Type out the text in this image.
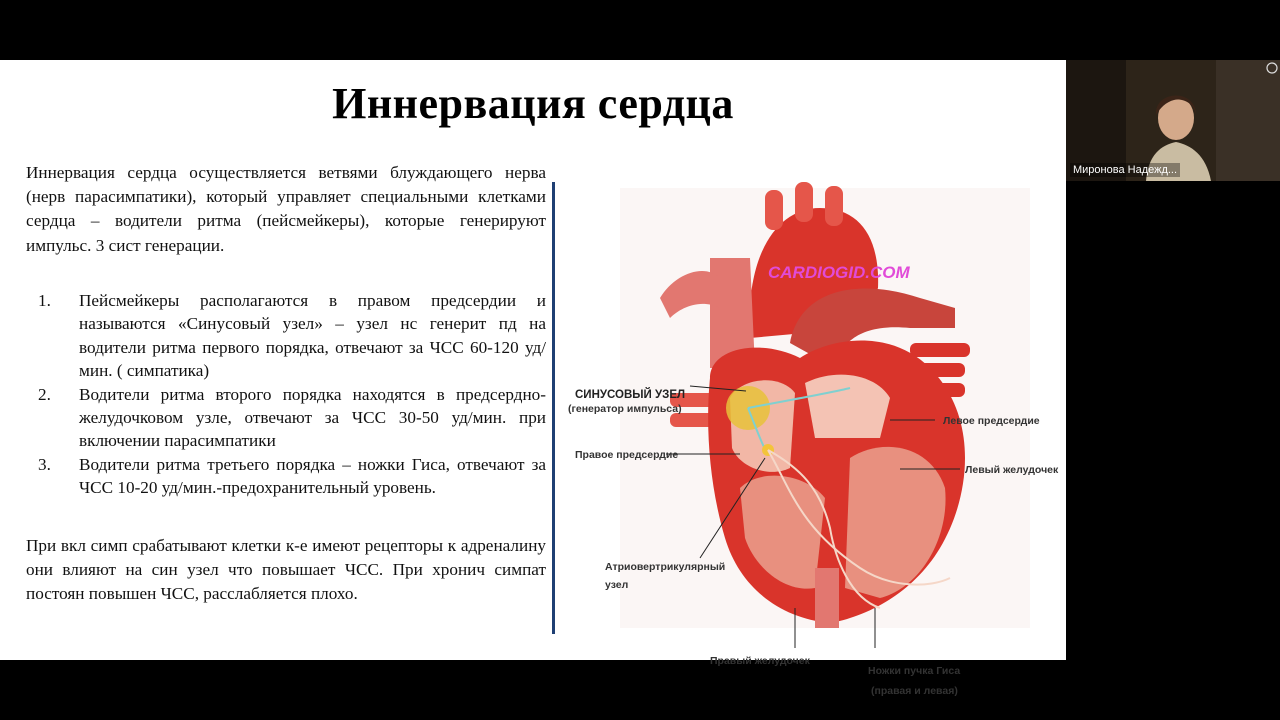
Иннервация сердца
Иннервация сердца осуществляется ветвями блуждающего нерва (нерв парасимпатики), который управляет специальными клетками сердца – водители ритма (пейсмейкеры), которые генерируют импульс. 3 сист генерации.
1. Пейсмейкеры располагаются в правом предсердии и называются «Синусовый узел» – узел нс генерит пд на водители ритма первого порядка, отвечают за ЧСС 60-120 уд/мин. ( симпатика)
2. Водители ритма второго порядка находятся в предсердно-желудочковом узле, отвечают за ЧСС 30-50 уд/мин. при включении парасимпатики
3. Водители ритма третьего порядка – ножки Гиса, отвечают за ЧСС 10-20 уд/мин.-предохранительный уровень.
При вкл симп срабатывают клетки к-е имеют рецепторы к адреналину они влияют на син узел что повышает ЧСС. При хронич симпат постоян повышен ЧСС, расслабляется плохо.
CARDIOGID.COM
СИНУСОВЫЙ УЗЕЛ
(генератор импульса)
Правое предсердие
Левое предсердие
Левый желудочек
Атриовертрикулярный
узел
Правый желудочек
Ножки пучка Гиса
(правая и левая)
Миронова Надежд...
